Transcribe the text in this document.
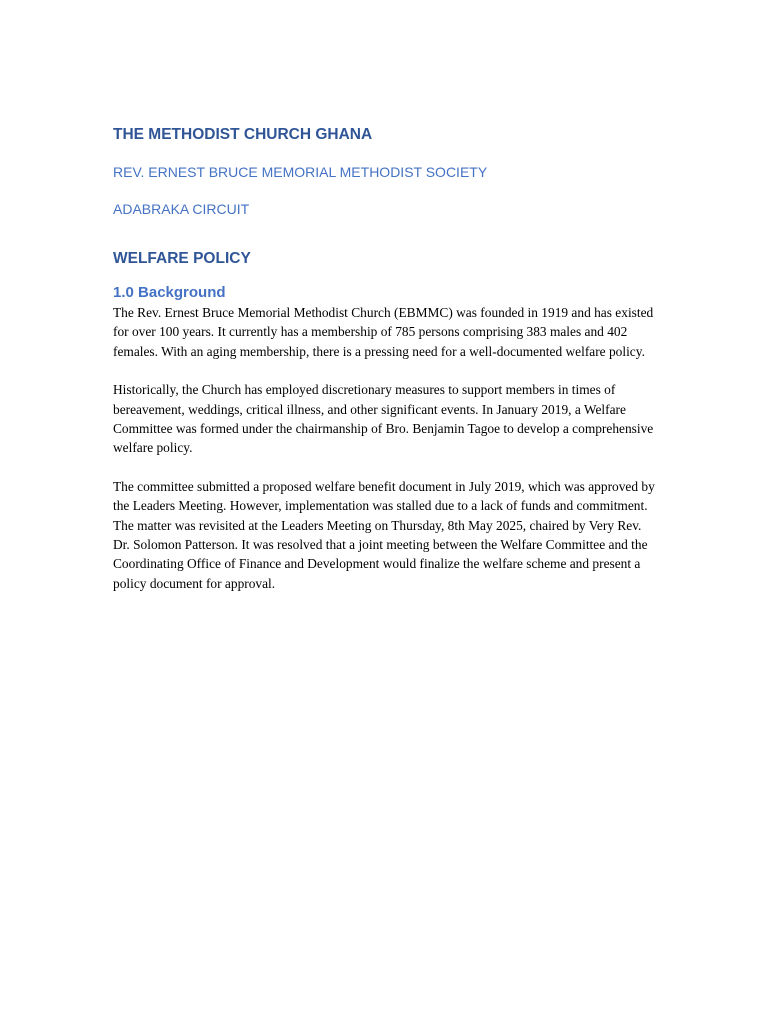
THE METHODIST CHURCH GHANA
REV. ERNEST BRUCE MEMORIAL METHODIST SOCIETY
ADABRAKA CIRCUIT
WELFARE POLICY
1.0 Background

The Rev. Ernest Bruce Memorial Methodist Church (EBMMC) was founded in 1919 and has existed for over 100 years. It currently has a membership of 785 persons comprising 383 males and 402 females. With an aging membership, there is a pressing need for a well-documented welfare policy.

Historically, the Church has employed discretionary measures to support members in times of bereavement, weddings, critical illness, and other significant events. In January 2019, a Welfare Committee was formed under the chairmanship of Bro. Benjamin Tagoe to develop a comprehensive welfare policy.

The committee submitted a proposed welfare benefit document in July 2019, which was approved by the Leaders Meeting. However, implementation was stalled due to a lack of funds and commitment. The matter was revisited at the Leaders Meeting on Thursday, 8th May 2025, chaired by Very Rev. Dr. Solomon Patterson. It was resolved that a joint meeting between the Welfare Committee and the Coordinating Office of Finance and Development would finalize the welfare scheme and present a policy document for approval.
